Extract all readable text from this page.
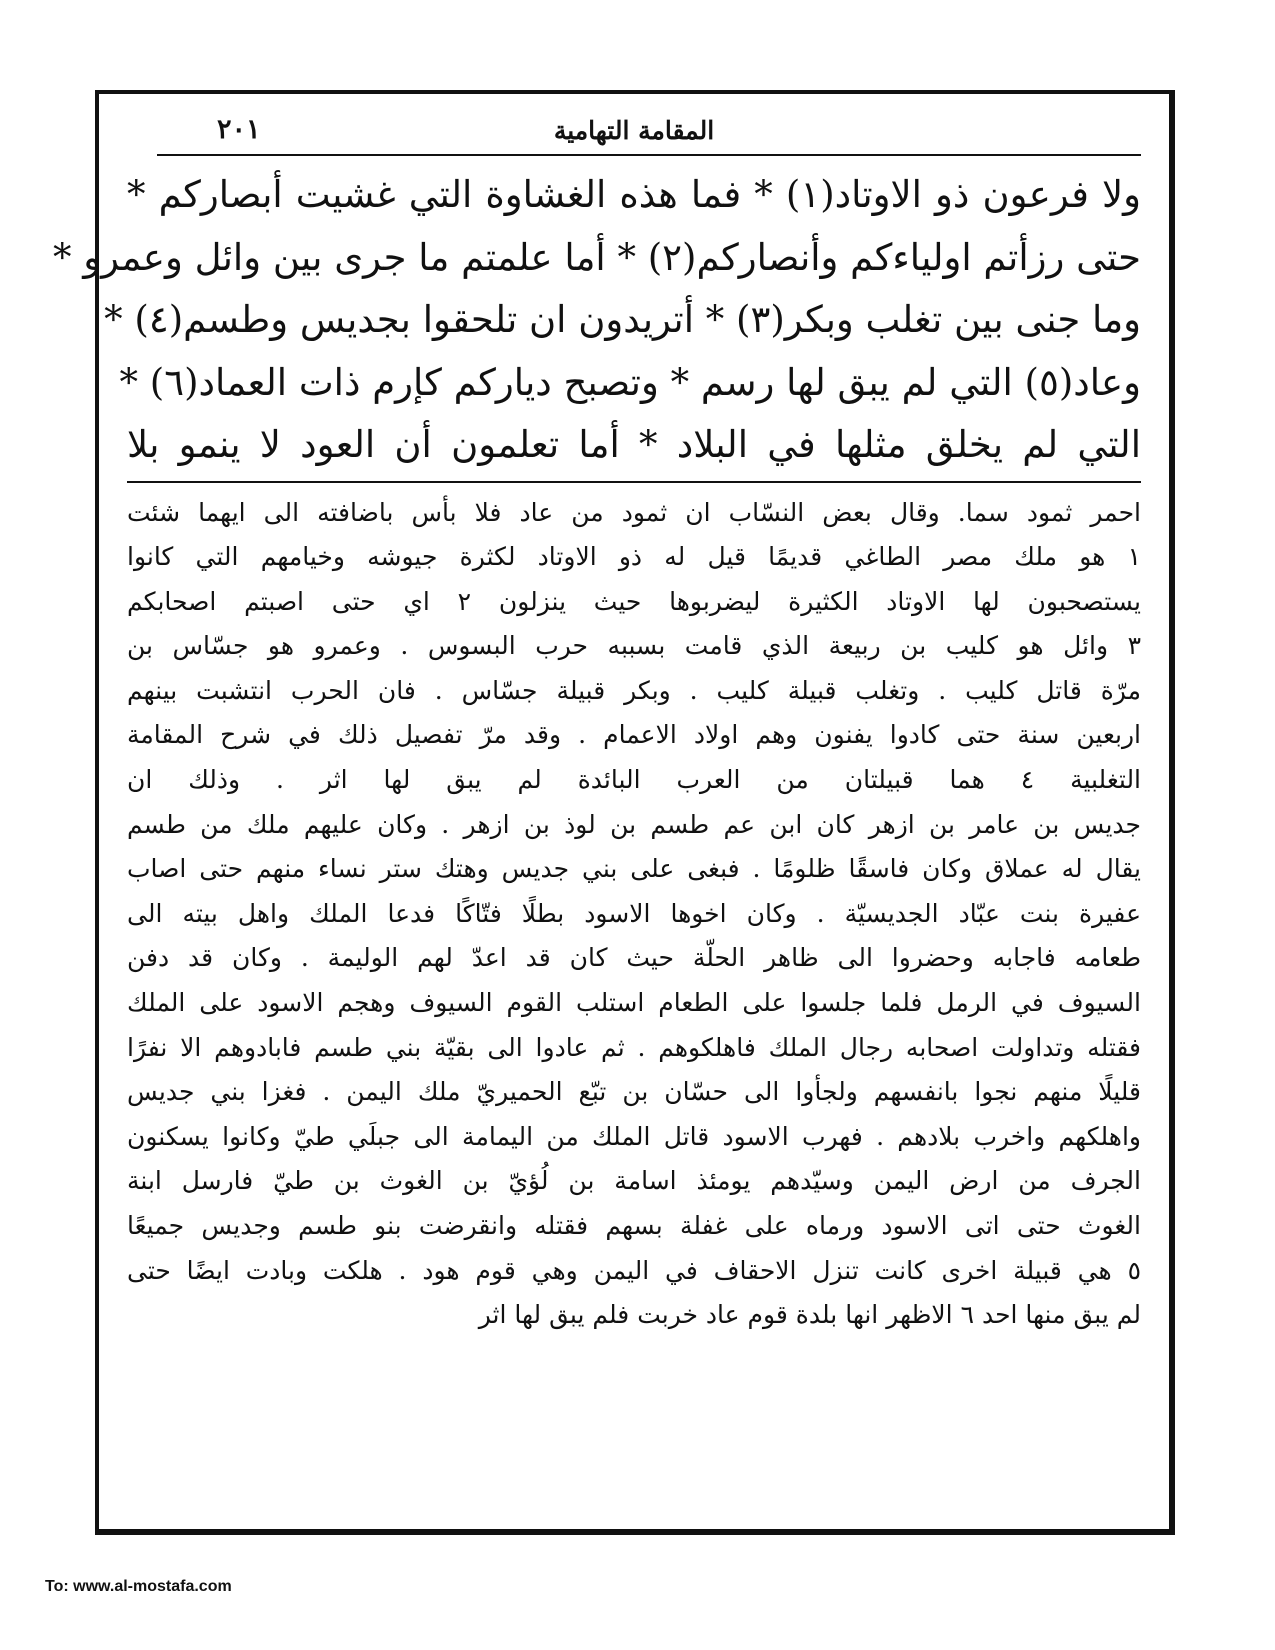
المقامة التهامية
٢٠١
ولا فرعون ذو الاوتاد(١) * فما هذه الغشاوة التي غشيت أبصاركم *
حتى رزأتم اولياءكم وأنصاركم(٢) * أما علمتم ما جرى بين وائل وعمرو *
وما جنى بين تغلب وبكر(٣) * أتريدون ان تلحقوا بجديس وطسم(٤) *
وعاد(٥) التي لم يبق لها رسم * وتصبح دياركم كإرم ذات العماد(٦) *
التي لم يخلق مثلها في البلاد * أما تعلمون أن العود لا ينمو بلا
احمر ثمود سما. وقال بعض النسّاب ان ثمود من عاد فلا بأس باضافته الى ايهما شئت
١ هو ملك مصر الطاغي قديمًا قيل له ذو الاوتاد لكثرة جيوشه وخيامهم التي كانوا
يستصحبون لها الاوتاد الكثيرة ليضربوها حيث ينزلون ٢ اي حتى اصبتم اصحابكم
٣ وائل هو كليب بن ربيعة الذي قامت بسببه حرب البسوس . وعمرو هو جسّاس بن
مرّة قاتل كليب . وتغلب قبيلة كليب . وبكر قبيلة جسّاس . فان الحرب انتشبت بينهم
اربعين سنة حتى كادوا يفنون وهم اولاد الاعمام . وقد مرّ تفصيل ذلك في شرح المقامة
التغلبية ٤ هما قبيلتان من العرب البائدة لم يبق لها اثر . وذلك ان
جديس بن عامر بن ازهر كان ابن عم طسم بن لوذ بن ازهر . وكان عليهم ملك من طسم
يقال له عملاق وكان فاسقًا ظلومًا . فبغى على بني جديس وهتك ستر نساء منهم حتى اصاب
عفيرة بنت عبّاد الجديسيّة . وكان اخوها الاسود بطلًا فتّاكًا فدعا الملك واهل بيته الى
طعامه فاجابه وحضروا الى ظاهر الحلّة حيث كان قد اعدّ لهم الوليمة . وكان قد دفن
السيوف في الرمل فلما جلسوا على الطعام استلب القوم السيوف وهجم الاسود على الملك
فقتله وتداولت اصحابه رجال الملك فاهلكوهم . ثم عادوا الى بقيّة بني طسم فابادوهم الا نفرًا
قليلًا منهم نجوا بانفسهم ولجأوا الى حسّان بن تبّع الحميريّ ملك اليمن . فغزا بني جديس
واهلكهم واخرب بلادهم . فهرب الاسود قاتل الملك من اليمامة الى جبلَي طيّ وكانوا يسكنون
الجرف من ارض اليمن وسيّدهم يومئذ اسامة بن لُؤيّ بن الغوث بن طيّ فارسل ابنة
الغوث حتى اتى الاسود ورماه على غفلة بسهم فقتله وانقرضت بنو طسم وجديس جميعًا
٥ هي قبيلة اخرى كانت تنزل الاحقاف في اليمن وهي قوم هود . هلكت وبادت ايضًا حتى
لم يبق منها احد ٦ الاظهر انها بلدة قوم عاد خربت فلم يبق لها اثر
To: www.al-mostafa.com
